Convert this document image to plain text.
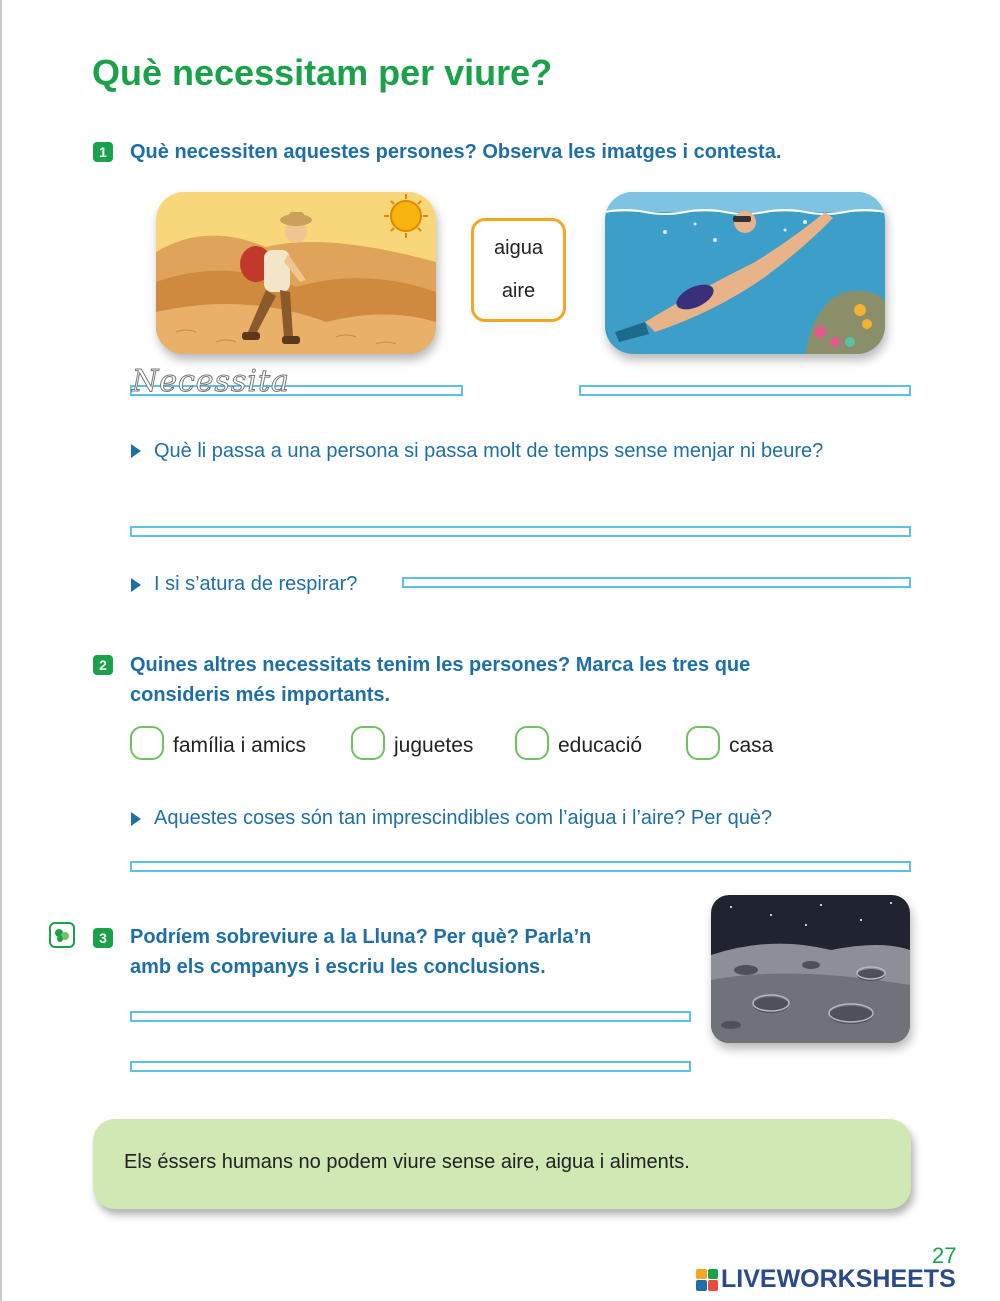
Què necessitam per viure?
1	Què necessiten aquestes persones? Observa les imatges i contesta.
aigua
aire
Necessita
Què li passa a una persona si passa molt de temps sense menjar ni beure?
I si s’atura de respirar?
2	Quines altres necessitats tenim les persones? Marca les tres que consideris més importants.
família i amics	juguetes	educació	casa
Aquestes coses són tan imprescindibles com l’aigua i l’aire? Per què?
3	Podríem sobreviure a la Lluna? Per què? Parla’n
amb els companys i escriu les conclusions.
Els éssers humans no podem viure sense aire, aigua i aliments.
27
LIVEWORKSHEETS
